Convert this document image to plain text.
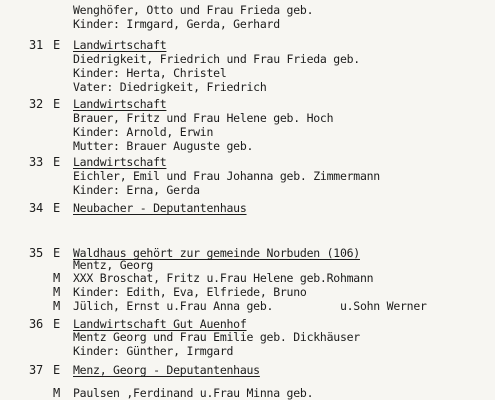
Wenghöfer, Otto und Frau Frieda geb.
Kinder: Irmgard, Gerda, Gerhard
31 E Landwirtschaft
Diedrigkeit, Friedrich und Frau Frieda geb.
Kinder: Herta, Christel
Vater: Diedrigkeit, Friedrich
32 E Landwirtschaft
Brauer, Fritz und Frau Helene geb. Hoch
Kinder: Arnold, Erwin
Mutter: Brauer Auguste geb.
33 E Landwirtschaft
Eichler, Emil und Frau Johanna geb. Zimmermann
Kinder: Erna, Gerda
34 E Neubacher - Deputantenhaus
35 E Waldhaus gehört zur gemeinde Norbuden (106)
Mentz, Georg
M XXX Broschat, Fritz u.Frau Helene geb.Rohmann
M Kinder: Edith, Eva, Elfriede, Bruno
M Jülich, Ernst u.Frau Anna geb.          u.Sohn Werner
36 E Landwirtschaft Gut Auenhof
Mentz Georg und Frau Emilie geb. Dickhäuser
Kinder: Günther, Irmgard
37 E Menz, Georg - Deputantenhaus
M Paulsen ,Ferdinand u.Frau Minna geb.
